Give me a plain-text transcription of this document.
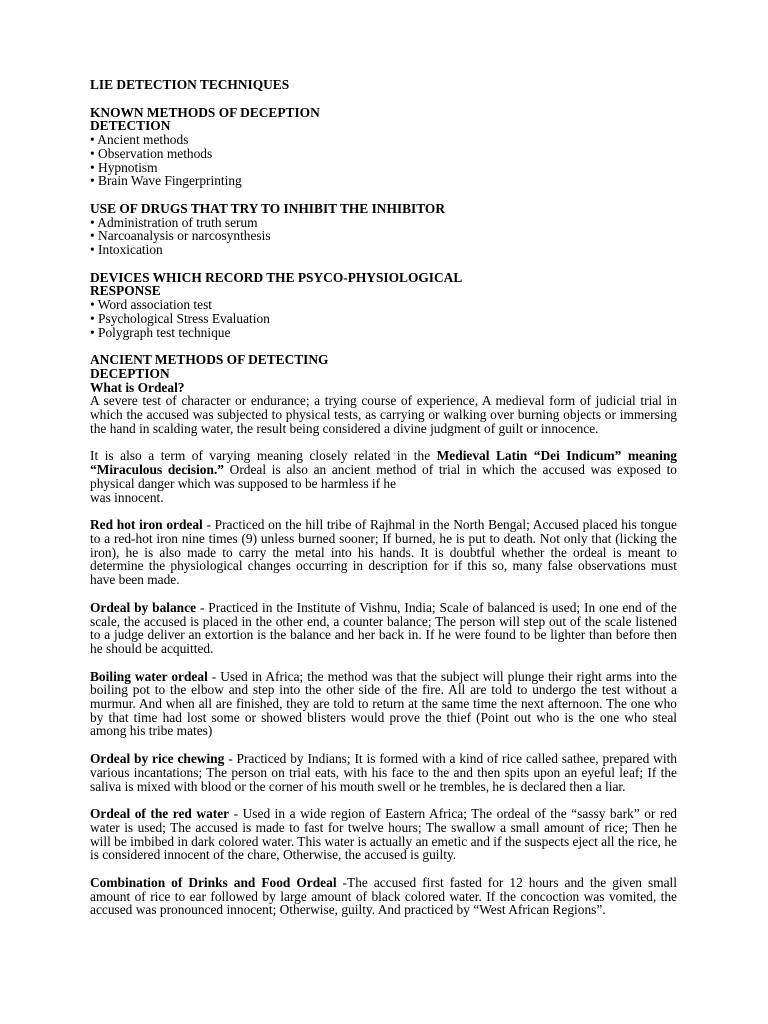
LIE DETECTION TECHNIQUES
KNOWN METHODS OF DECEPTION
DETECTION
• Ancient methods
• Observation methods
• Hypnotism
• Brain Wave Fingerprinting
USE OF DRUGS THAT TRY TO INHIBIT THE INHIBITOR
• Administration of truth serum
• Narcoanalysis or narcosynthesis
• Intoxication
DEVICES WHICH RECORD THE PSYCO-PHYSIOLOGICAL
RESPONSE
• Word association test
• Psychological Stress Evaluation
• Polygraph test technique
ANCIENT METHODS OF DETECTING
DECEPTION
What is Ordeal?

A severe test of character or endurance; a trying course of experience, A medieval form of judicial trial in which the accused was subjected to physical tests, as carrying or walking over burning objects or immersing the hand in scalding water, the result being considered a divine judgment of guilt or innocence.

It is also a term of varying meaning closely related in the Medieval Latin “Dei Indicum” meaning “Miraculous decision.” Ordeal is also an ancient method of trial in which the accused was exposed to physical danger which was supposed to be harmless if he

was innocent.

Red hot iron ordeal - Practiced on the hill tribe of Rajhmal in the North Bengal; Accused placed his tongue to a red-hot iron nine times (9) unless burned sooner; If burned, he is put to death. Not only that (licking the iron), he is also made to carry the metal into his hands. It is doubtful whether the ordeal is meant to determine the physiological changes occurring in description for if this so, many false observations must have been made.

Ordeal by balance - Practiced in the Institute of Vishnu, India; Scale of balanced is used; In one end of the scale, the accused is placed in the other end, a counter balance; The person will step out of the scale listened to a judge deliver an extortion is the balance and her back in. If he were found to be lighter than before then he should be acquitted.

Boiling water ordeal - Used in Africa; the method was that the subject will plunge their right arms into the boiling pot to the elbow and step into the other side of the fire. All are told to undergo the test without a murmur. And when all are finished, they are told to return at the same time the next afternoon. The one who by that time had lost some or showed blisters would prove the thief (Point out who is the one who steal among his tribe mates)

Ordeal by rice chewing - Practiced by Indians; It is formed with a kind of rice called sathee, prepared with various incantations; The person on trial eats, with his face to the and then spits upon an eyeful leaf; If the saliva is mixed with blood or the corner of his mouth swell or he trembles, he is declared then a liar.

Ordeal of the red water - Used in a wide region of Eastern Africa; The ordeal of the “sassy bark” or red water is used; The accused is made to fast for twelve hours; The swallow a small amount of rice; Then he will be imbibed in dark colored water. This water is actually an emetic and if the suspects eject all the rice, he is considered innocent of the chare, Otherwise, the accused is guilty.

Combination of Drinks and Food Ordeal -The accused first fasted for 12 hours and the given small amount of rice to ear followed by large amount of black colored water. If the concoction was vomited, the accused was pronounced innocent; Otherwise, guilty. And practiced by “West African Regions”.
